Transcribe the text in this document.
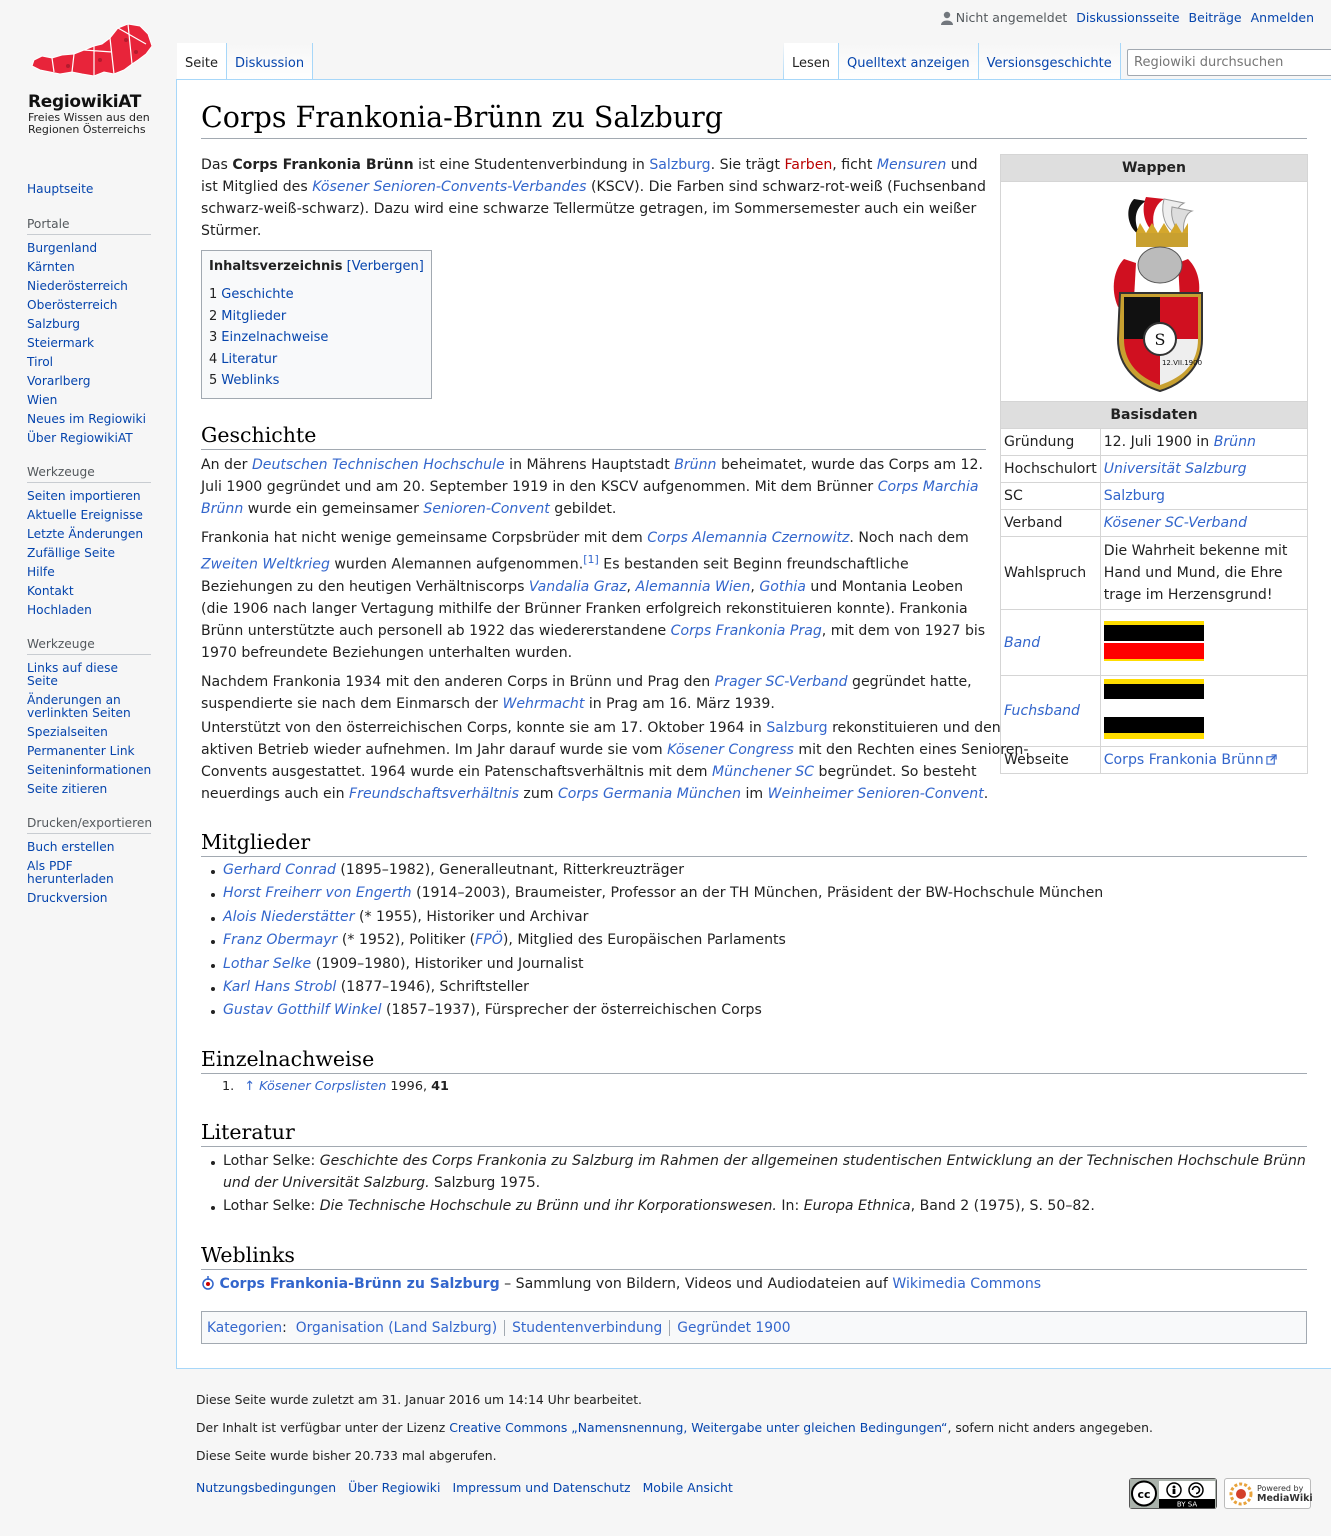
Nicht angemeldet Diskussionsseite Beiträge Anmelden
RegiowikiAT
Freies Wissen aus den Regionen Österreichs
Hauptseite
Portale
Burgenland
Kärnten
Niederösterreich
Oberösterreich
Salzburg
Steiermark
Tirol
Vorarlberg
Wien
Neues im Regiowiki
Über RegiowikiAT
Werkzeuge
Seiten importieren
Aktuelle Ereignisse
Letzte Änderungen
Zufällige Seite
Hilfe
Kontakt
Hochladen
Werkzeuge
Links auf diese Seite
Änderungen an verlinkten Seiten
Spezialseiten
Permanenter Link
Seiteninformationen
Seite zitieren
Drucken/exportieren
Buch erstellen
Als PDF herunterladen
Druckversion
Seite	Diskussion	Lesen	Quelltext anzeigen	Versionsgeschichte
Regiowiki durchsuchen
Corps Frankonia-Brünn zu Salzburg

Das Corps Frankonia Brünn ist eine Studentenverbindung in Salzburg. Sie trägt Farben, ficht Mensuren und ist Mitglied des Kösener Senioren-Convents-Verbandes (KSCV). Die Farben sind schwarz-rot-weiß (Fuchsenband schwarz-weiß-schwarz). Dazu wird eine schwarze Tellermütze getragen, im Sommersemester auch ein weißer Stürmer.

Inhaltsverzeichnis [Verbergen]
1 Geschichte
2 Mitglieder
3 Einzelnachweise
4 Literatur
5 Weblinks
Wappen	

S
12.VII.1900	

Basisdaten	
Gründung	12. Juli 1900 in Brünn
Hochschulort	Universität Salzburg
SC	Salzburg
Verband	Kösener SC-Verband
Wahlspruch	Die Wahrheit bekenne mit Hand und Mund, die Ehre trage im Herzensgrund!
Band	
Fuchsband	
Webseite	Corps Frankonia Brünn
Geschichte

An der Deutschen Technischen Hochschule in Mährens Hauptstadt Brünn beheimatet, wurde das Corps am 12. Juli 1900 gegründet und am 20. September 1919 in den KSCV aufgenommen. Mit dem Brünner Corps Marchia Brünn wurde ein gemeinsamer Senioren-Convent gebildet.

Frankonia hat nicht wenige gemeinsame Corpsbrüder mit dem Corps Alemannia Czernowitz. Noch nach dem Zweiten Weltkrieg wurden Alemannen aufgenommen.[1] Es bestanden seit Beginn freundschaftliche Beziehungen zu den heutigen Verhältniscorps Vandalia Graz, Alemannia Wien, Gothia und Montania Leoben (die 1906 nach langer Vertagung mithilfe der Brünner Franken erfolgreich rekonstituieren konnte). Frankonia Brünn unterstützte auch personell ab 1922 das wiedererstandene Corps Frankonia Prag, mit dem von 1927 bis 1970 befreundete Beziehungen unterhalten wurden.

Nachdem Frankonia 1934 mit den anderen Corps in Brünn und Prag den Prager SC-Verband gegründet hatte, suspendierte sie nach dem Einmarsch der Wehrmacht in Prag am 16. März 1939.

Unterstützt von den österreichischen Corps, konnte sie am 17. Oktober 1964 in Salzburg rekonstituieren und den aktiven Betrieb wieder aufnehmen. Im Jahr darauf wurde sie vom Kösener Congress mit den Rechten eines Senioren-Convents ausgestattet. 1964 wurde ein Patenschaftsverhältnis mit dem Münchener SC begründet. So besteht neuerdings auch ein Freundschaftsverhältnis zum Corps Germania München im Weinheimer Senioren-Convent.

Mitglieder
Gerhard Conrad (1895–1982), Generalleutnant, Ritterkreuzträger
Horst Freiherr von Engerth (1914–2003), Braumeister, Professor an der TH München, Präsident der BW-Hochschule München
Alois Niederstätter (* 1955), Historiker und Archivar
Franz Obermayr (* 1952), Politiker (FPÖ), Mitglied des Europäischen Parlaments
Lothar Selke (1909–1980), Historiker und Journalist
Karl Hans Strobl (1877–1946), Schriftsteller
Gustav Gotthilf Winkel (1857–1937), Fürsprecher der österreichischen Corps
Einzelnachweise
1. ↑ Kösener Corpslisten 1996, 41
Literatur
Lothar Selke: Geschichte des Corps Frankonia zu Salzburg im Rahmen der allgemeinen studentischen Entwicklung an der Technischen Hochschule Brünn und der Universität Salzburg. Salzburg 1975.
Lothar Selke: Die Technische Hochschule zu Brünn und ihr Korporationswesen. In: Europa Ethnica, Band 2 (1975), S. 50–82.
Weblinks
Corps Frankonia-Brünn zu Salzburg – Sammlung von Bildern, Videos und Audiodateien auf Wikimedia Commons
Kategorien : Organisation (Land Salzburg) Studentenverbindung Gegründet 1900

Diese Seite wurde zuletzt am 31. Januar 2016 um 14:14 Uhr bearbeitet.

Der Inhalt ist verfügbar unter der Lizenz Creative Commons „Namensnennung, Weitergabe unter gleichen Bedingungen“, sofern nicht anders angegeben.

Diese Seite wurde bisher 20.733 mal abgerufen.

Nutzungsbedingungen Über Regiowiki Impressum und Datenschutz Mobile Ansicht	cc
BY SA
Powered by
MediaWiki
